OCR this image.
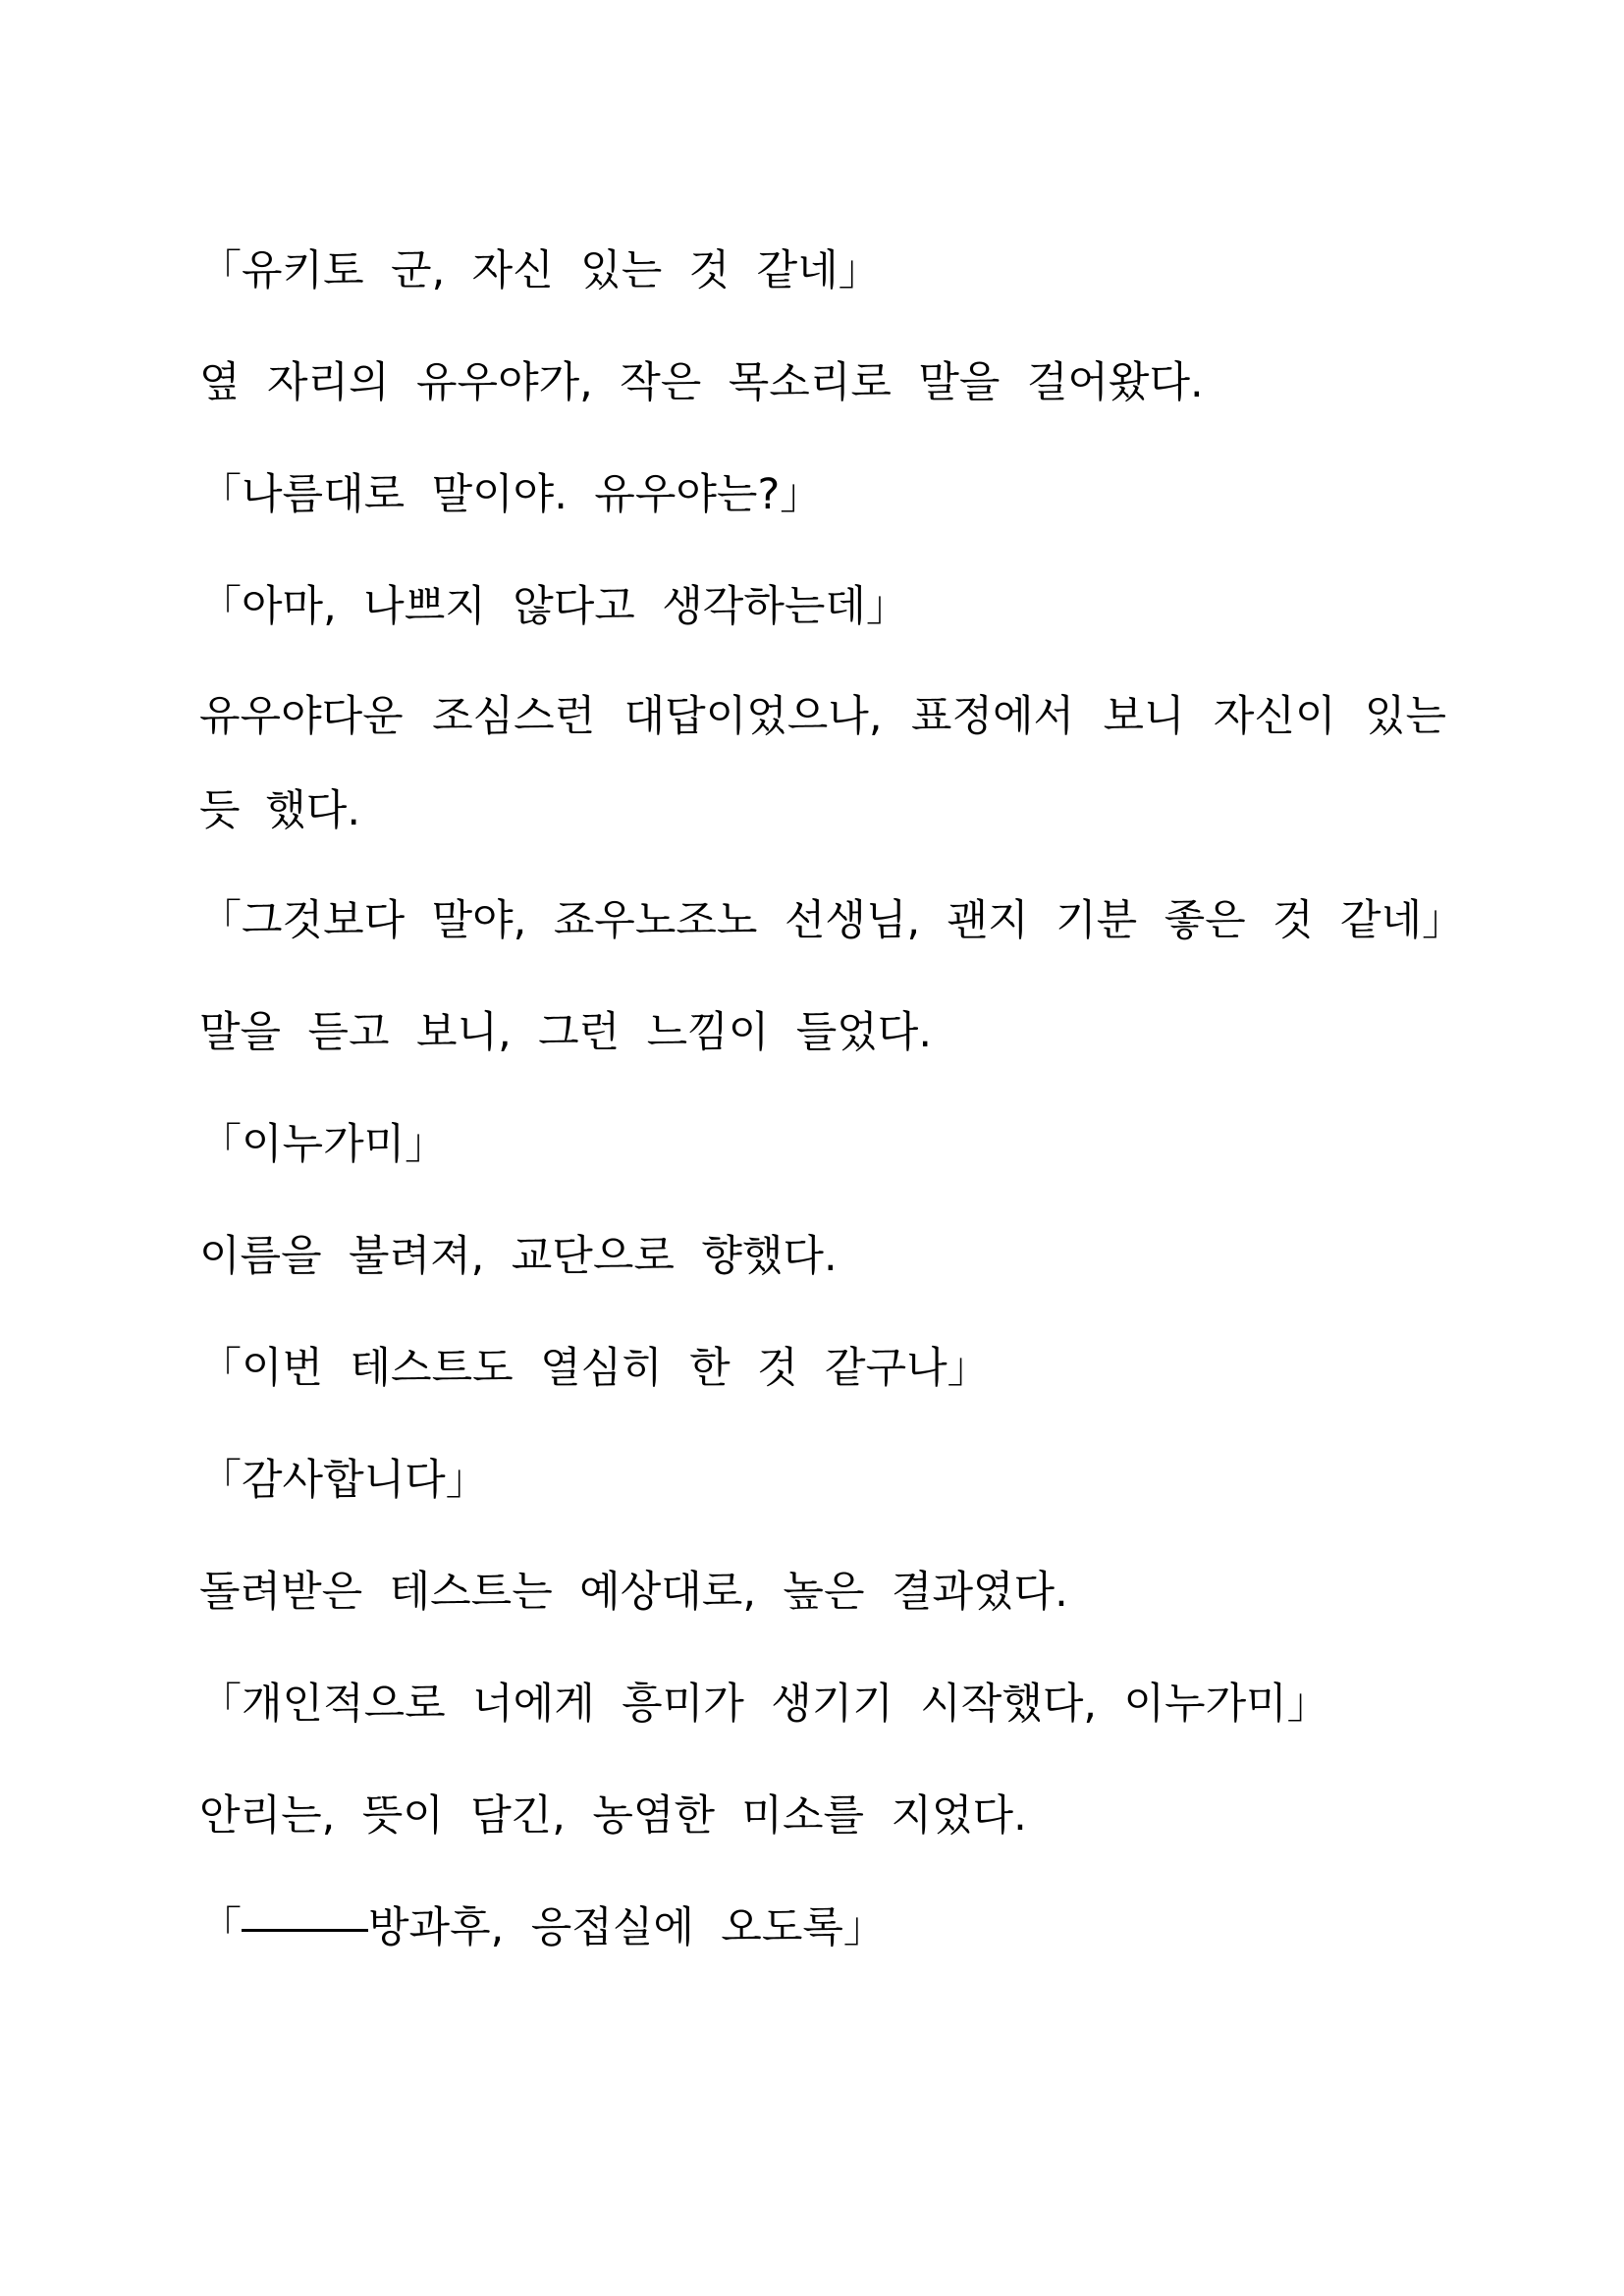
「유키토 군, 자신 있는 것 같네」

옆 자리의 유우야가, 작은 목소리로 말을 걸어왔다.

「나름대로 말이야. 유우야는?」

「아마, 나쁘지 않다고 생각하는데」

유우야다운 조심스런 대답이었으나, 표정에서 보니 자신이 있는 듯 했다.

「그것보다 말야, 죠우노조노 선생님, 괜지 기분 좋은 것 같네」

말을 듣고 보니, 그런 느낌이 들었다.

「이누가미」

이름을 불려져, 교단으로 향했다.

「이번 테스트도 열심히 한 것 같구나」

「감사합니다」

돌려받은 테스트는 예상대로, 높은 결과였다.

「개인적으로 너에게 흥미가 생기기 시작했다, 이누가미」

안리는, 뜻이 담긴, 농염한 미소를 지었다.

「―――방과후, 응접실에 오도록」
